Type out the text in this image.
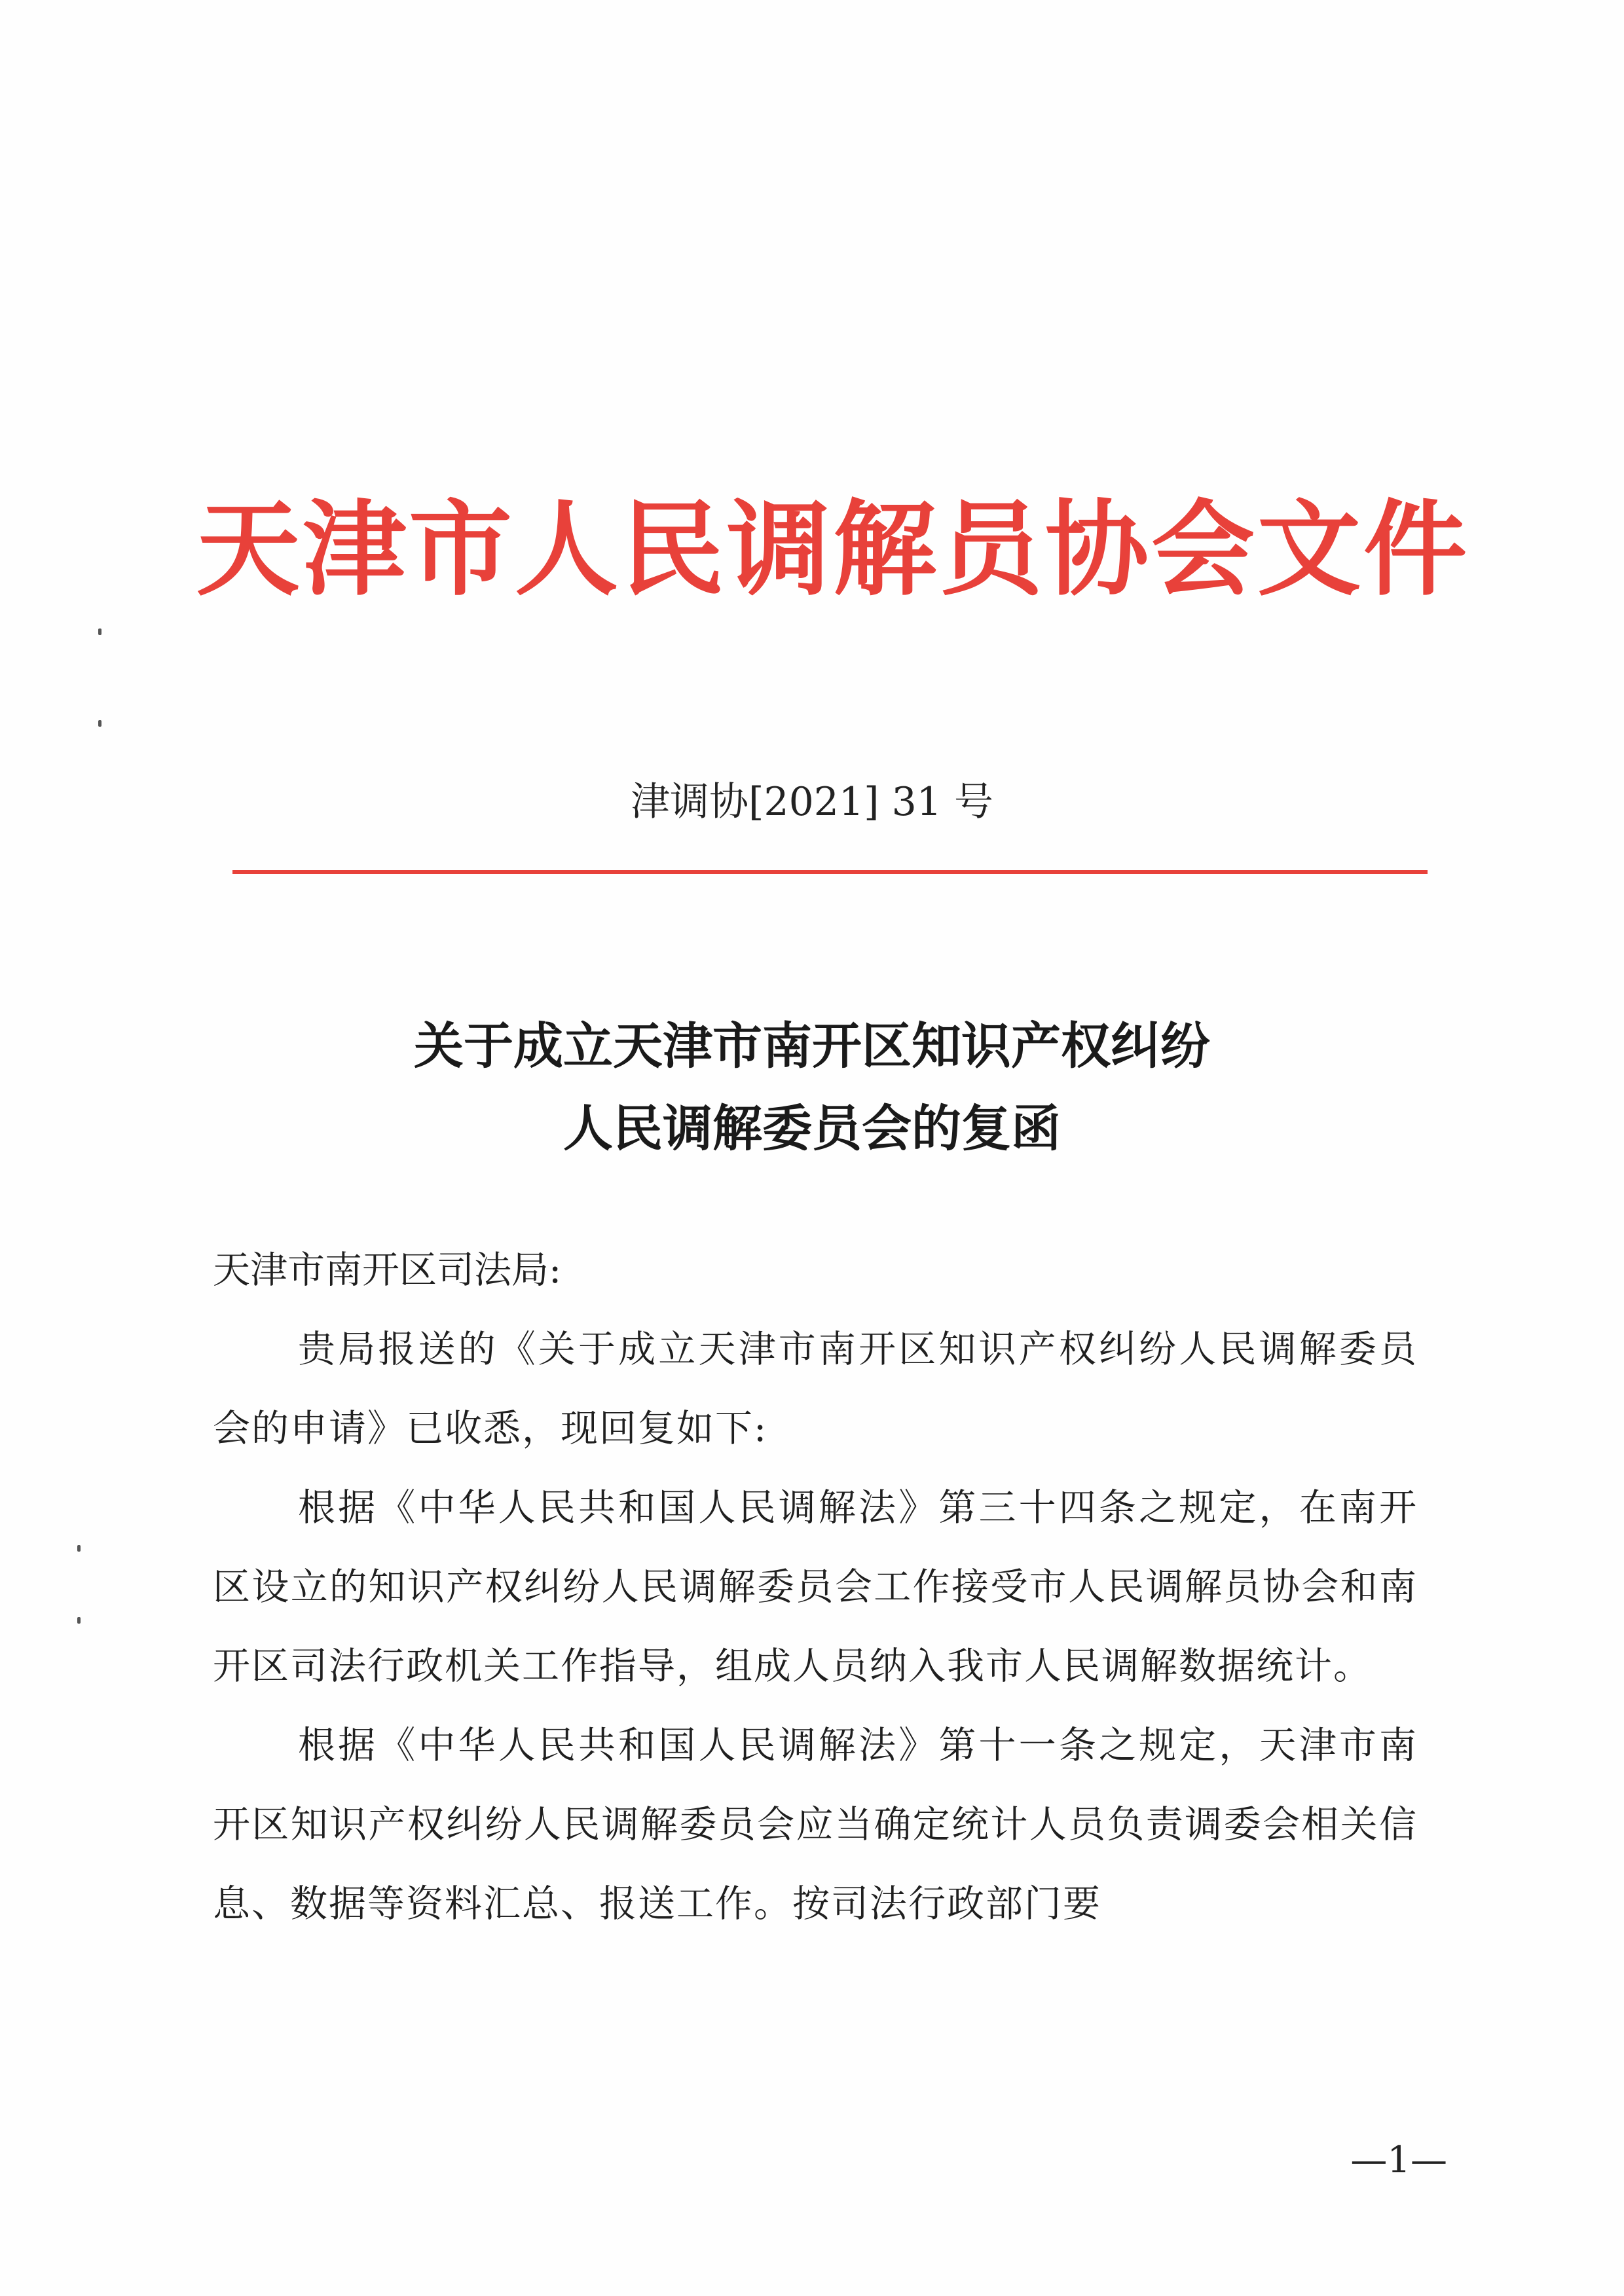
天津市人民调解员协会文件
津调协[2021] 31 号
关于成立天津市南开区知识产权纠纷
人民调解委员会的复函

天津市南开区司法局:

贵局报送的《关于成立天津市南开区知识产权纠纷人民调解委员会的申请》已收悉，现回复如下:

根据《中华人民共和国人民调解法》第三十四条之规定，在南开区设立的知识产权纠纷人民调解委员会工作接受市人民调解员协会和南开区司法行政机关工作指导，组成人员纳入我市人民调解数据统计。

根据《中华人民共和国人民调解法》第十一条之规定，天津市南开区知识产权纠纷人民调解委员会应当确定统计人员负责调委会相关信息、数据等资料汇总、报送工作。按司法行政部门要

—1—
